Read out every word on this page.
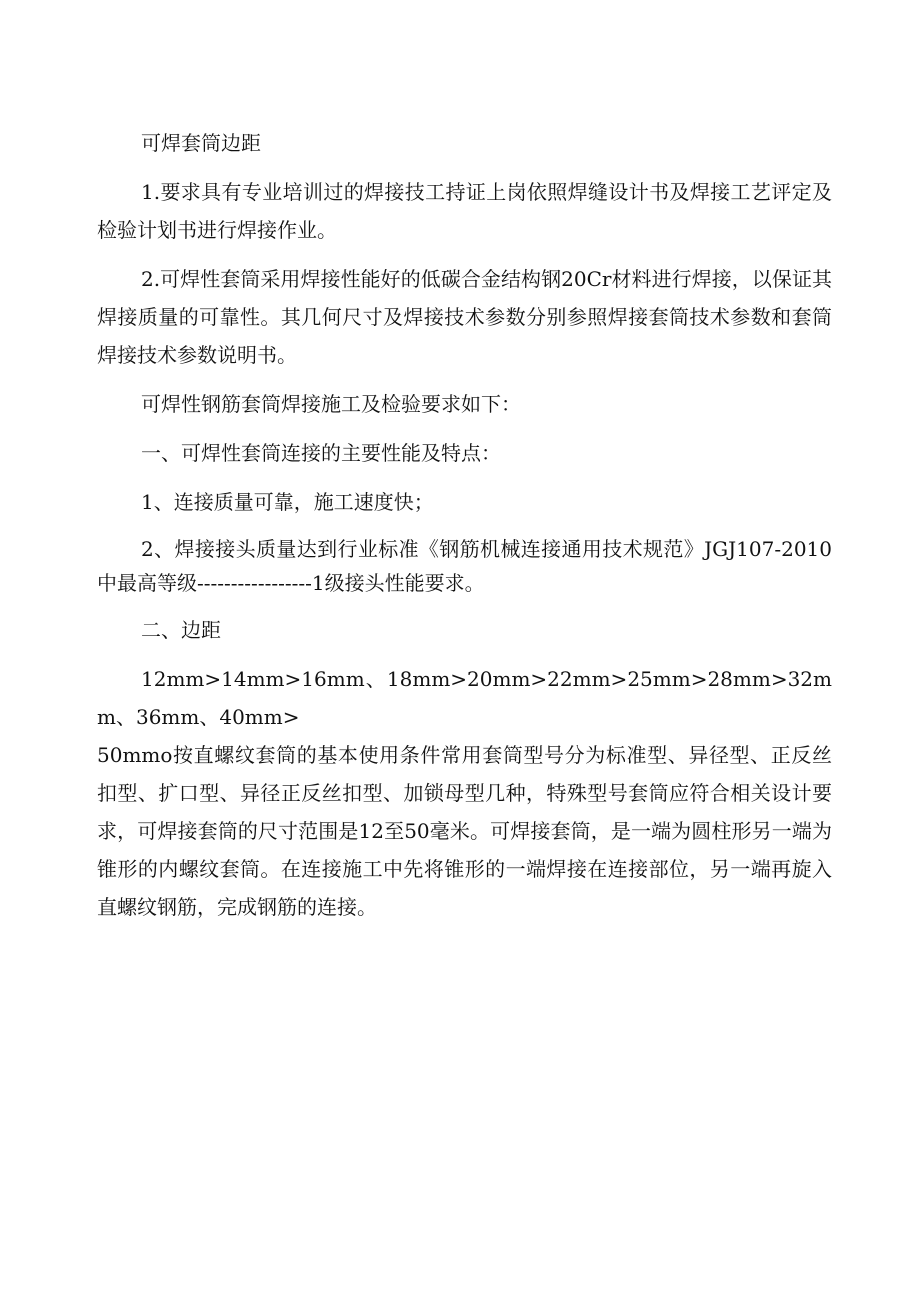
可焊套筒边距

1.要求具有专业培训过的焊接技工持证上岗依照焊缝设计书及焊接工艺评定及检验计划书进行焊接作业。

2.可焊性套筒采用焊接性能好的低碳合金结构钢20Cr材料进行焊接，以保证其焊接质量的可靠性。其几何尺寸及焊接技术参数分别参照焊接套筒技术参数和套筒焊接技术参数说明书。

可焊性钢筋套筒焊接施工及检验要求如下：

一、可焊性套筒连接的主要性能及特点：

1、连接质量可靠，施工速度快；

2、焊接接头质量达到行业标准《钢筋机械连接通用技术规范》JGJ107-2010中最高等级-----------------1级接头性能要求。

二、边距

12mm>14mm>16mm、18mm>20mm>22mm>25mm>28mm>32mm、36mm、40mm>

50mmo按直螺纹套筒的基本使用条件常用套筒型号分为标准型、异径型、正反丝扣型、扩口型、异径正反丝扣型、加锁母型几种，特殊型号套筒应符合相关设计要求，可焊接套筒的尺寸范围是12至50毫米。可焊接套筒，是一端为圆柱形另一端为锥形的内螺纹套筒。在连接施工中先将锥形的一端焊接在连接部位，另一端再旋入直螺纹钢筋，完成钢筋的连接。
